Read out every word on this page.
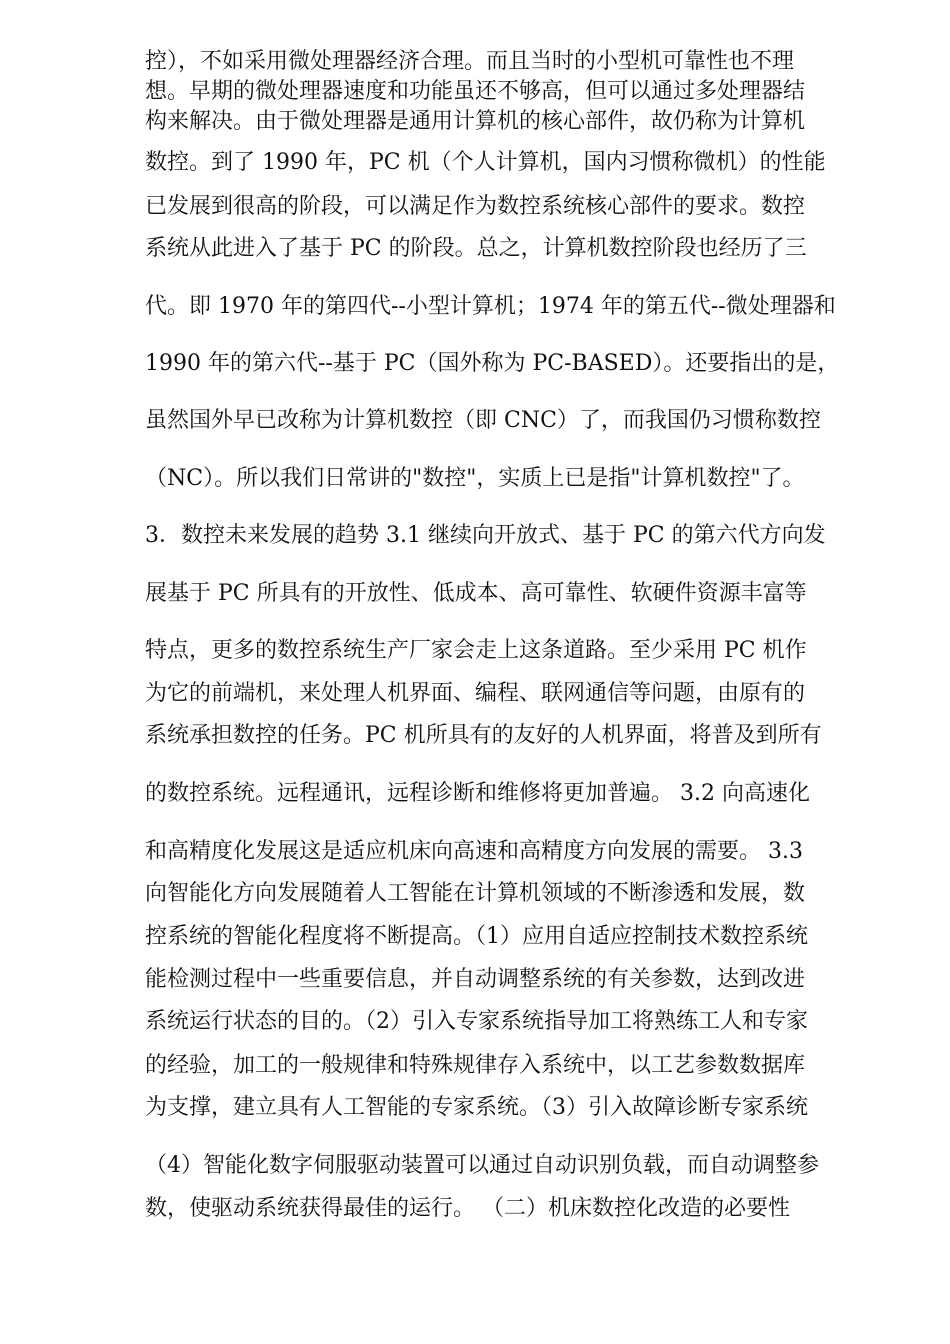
控），不如采用微处理器经济合理。而且当时的小型机可靠性也不理
想。早期的微处理器速度和功能虽还不够高，但可以通过多处理器结
构来解决。由于微处理器是通用计算机的核心部件，故仍称为计算机
数控。到了 1990 年，PC 机（个人计算机，国内习惯称微机）的性能
已发展到很高的阶段，可以满足作为数控系统核心部件的要求。数控
系统从此进入了基于 PC 的阶段。总之，计算机数控阶段也经历了三
代。即 1970 年的第四代--小型计算机；1974 年的第五代--微处理器和
1990 年的第六代--基于 PC（国外称为 PC-BASED）。还要指出的是，
虽然国外早已改称为计算机数控（即 CNC）了，而我国仍习惯称数控
（NC）。所以我们日常讲的"数控"，实质上已是指"计算机数控"了。
3．数控未来发展的趋势 3.1 继续向开放式、基于 PC 的第六代方向发
展基于 PC 所具有的开放性、低成本、高可靠性、软硬件资源丰富等
特点，更多的数控系统生产厂家会走上这条道路。至少采用 PC 机作
为它的前端机，来处理人机界面、编程、联网通信等问题，由原有的
系统承担数控的任务。PC 机所具有的友好的人机界面，将普及到所有
的数控系统。远程通讯，远程诊断和维修将更加普遍。 3.2 向高速化
和高精度化发展这是适应机床向高速和高精度方向发展的需要。 3.3
向智能化方向发展随着人工智能在计算机领域的不断渗透和发展，数
控系统的智能化程度将不断提高。（1）应用自适应控制技术数控系统
能检测过程中一些重要信息，并自动调整系统的有关参数，达到改进
系统运行状态的目的。（2）引入专家系统指导加工将熟练工人和专家
的经验，加工的一般规律和特殊规律存入系统中，以工艺参数数据库
为支撑，建立具有人工智能的专家系统。（3）引入故障诊断专家系统
（4）智能化数字伺服驱动装置可以通过自动识别负载，而自动调整参
数，使驱动系统获得最佳的运行。 （二）机床数控化改造的必要性
